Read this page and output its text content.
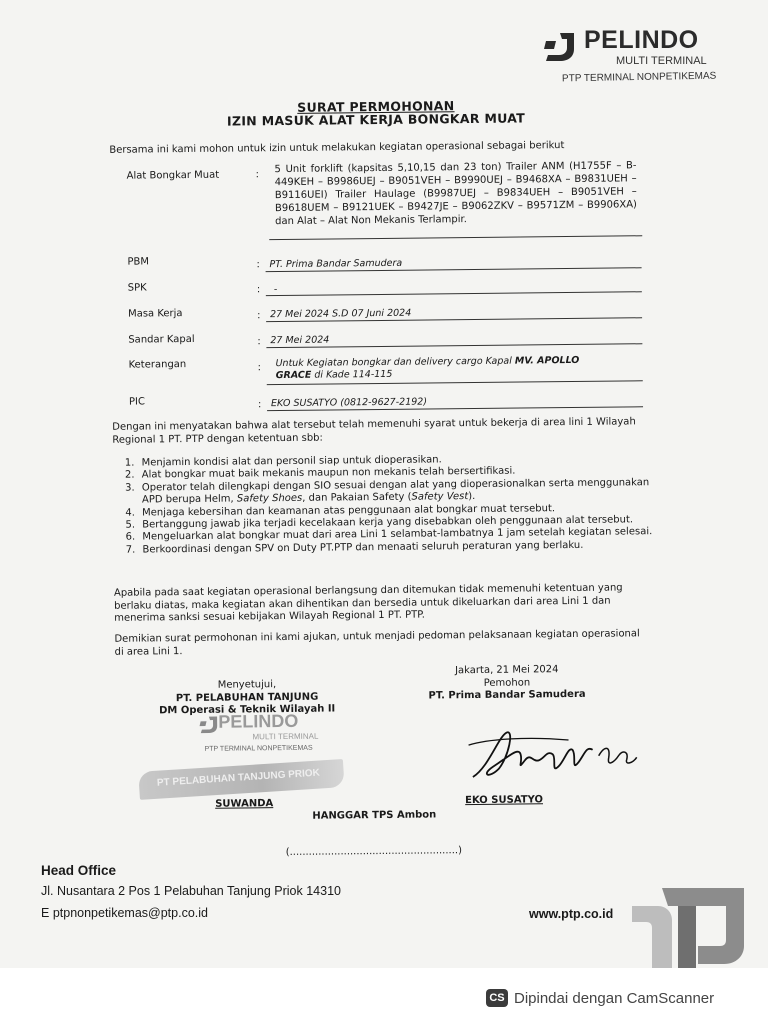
PELINDO
MULTI TERMINAL
PTP TERMINAL NONPETIKEMAS
SURAT PERMOHONAN
IZIN MASUK ALAT KERJA BONGKAR MUAT
Bersama ini kami mohon untuk izin untuk melakukan kegiatan operasional sebagai berikut
Alat Bongkar Muat	: 5 Unit forklift (kapsitas 5,10,15 dan 23 ton) Trailer ANM (H1755F – B-449KEH – B9986UEJ – B9051VEH – B9990UEJ – B9468XA – B9831UEH – B9116UEI) Trailer Haulage (B9987UEJ – B9834UEH – B9051VEH – B9618UEM – B9121UEK – B9427JE – B9062ZKV – B9571ZM – B9906XA) dan Alat – Alat Non Mekanis Terlampir.
PBM	: PT. Prima Bandar Samudera
SPK	: -
Masa Kerja	: 27 Mei 2024 S.D 07 Juni 2024
Sandar Kapal	: 27 Mei 2024
Keterangan	: Untuk Kegiatan bongkar dan delivery cargo Kapal MV. APOLLO
GRACE di Kade 114-115
PIC	: EKO SUSATYO (0812-9627-2192)
Dengan ini menyatakan bahwa alat tersebut telah memenuhi syarat untuk bekerja di area lini 1 Wilayah Regional 1 PT. PTP dengan ketentuan sbb:
1. Menjamin kondisi alat dan personil siap untuk dioperasikan.
2. Alat bongkar muat baik mekanis maupun non mekanis telah bersertifikasi.
3. Operator telah dilengkapi dengan SIO sesuai dengan alat yang dioperasionalkan serta menggunakan APD berupa Helm, Safety Shoes, dan Pakaian Safety (Safety Vest).
4. Menjaga kebersihan dan keamanan atas penggunaan alat bongkar muat tersebut.
5. Bertanggung jawab jika terjadi kecelakaan kerja yang disebabkan oleh penggunaan alat tersebut.
6. Mengeluarkan alat bongkar muat dari area Lini 1 selambat-lambatnya 1 jam setelah kegiatan selesai.
7. Berkoordinasi dengan SPV on Duty PT.PTP dan menaati seluruh peraturan yang berlaku.
Apabila pada saat kegiatan operasional berlangsung dan ditemukan tidak memenuhi ketentuan yang berlaku diatas, maka kegiatan akan dihentikan dan bersedia untuk dikeluarkan dari area Lini 1 dan menerima sanksi sesuai kebijakan Wilayah Regional 1 PT. PTP.
Demikian surat permohonan ini kami ajukan, untuk menjadi pedoman pelaksanaan kegiatan operasional di area Lini 1.
Jakarta, 21 Mei 2024
Pemohon
PT. Prima Bandar Samudera
EKO SUSATYO
Menyetujui,
PT. PELABUHAN TANJUNG
DM Operasi & Teknik Wilayah II
PELINDO
MULTI TERMINAL
PTP TERMINAL NONPETIKEMAS
PT PELABUHAN TANJUNG PRIOK
SUWANDA
HANGGAR TPS Ambon
(.....................................................)
Head Office
Jl. Nusantara 2 Pos 1 Pelabuhan Tanjung Priok 14310
E ptpnonpetikemas@ptp.co.id	www.ptp.co.id
CS Dipindai dengan CamScanner
